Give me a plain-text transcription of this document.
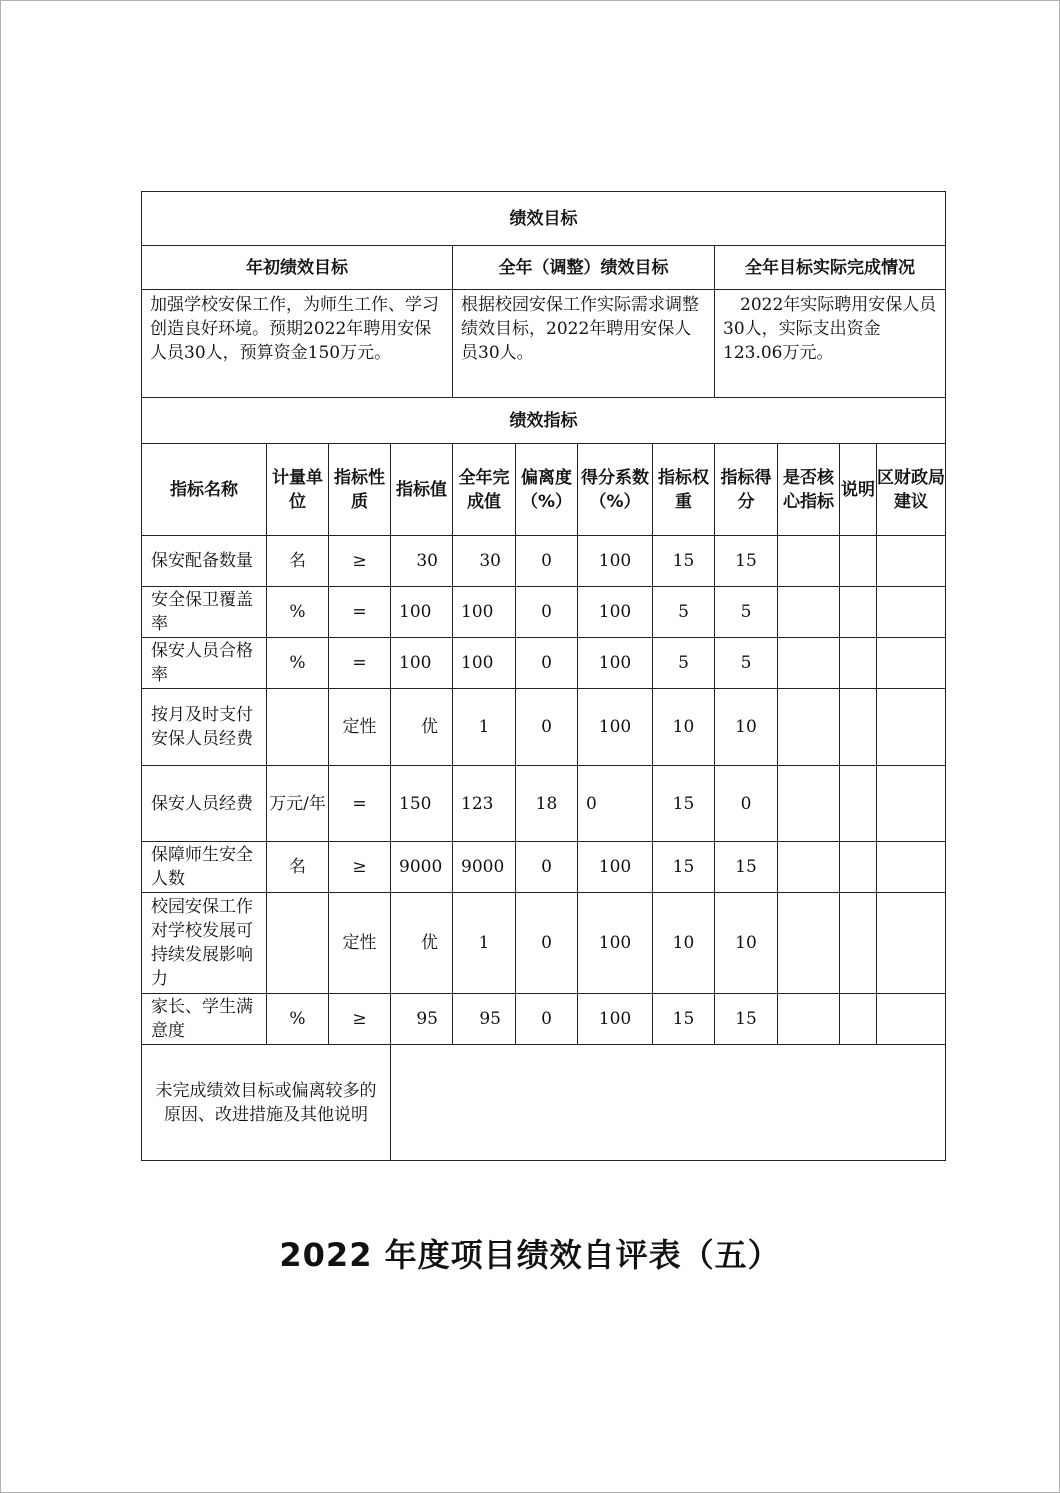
绩效目标											
年初绩效目标				全年（调整）绩效目标				全年目标实际完成情况			
加强学校安保工作，为师生工作、学习创造良好环境。预期2022年聘用安保人员30人，预算资金150万元。				根据校园安保工作实际需求调整绩效目标，2022年聘用安保人员30人。				2022年实际聘用安保人员30人，实际支出资金123.06万元。			
绩效指标											
指标名称	计量单位	指标性质	指标值	全年完成值	偏离度（%）	得分系数（%）	指标权重	指标得分	是否核心指标	说明	区财政局建议
保安配备数量	名	≥	30	30	0	100	15	15			
安全保卫覆盖率	%	=	100	100	0	100	5	5			
保安人员合格率	%	=	100	100	0	100	5	5			
按月及时支付安保人员经费		定性	优	1	0	100	10	10			
保安人员经费	万元/年	=	150	123	18	0	15	0			
保障师生安全人数	名	≥	9000	9000	0	100	15	15			
校园安保工作对学校发展可持续发展影响力		定性	优	1	0	100	10	10			
家长、学生满意度	%	≥	95	95	0	100	15	15			
未完成绩效目标或偏离较多的原因、改进措施及其他说明											
2022 年度项目绩效自评表（五）
